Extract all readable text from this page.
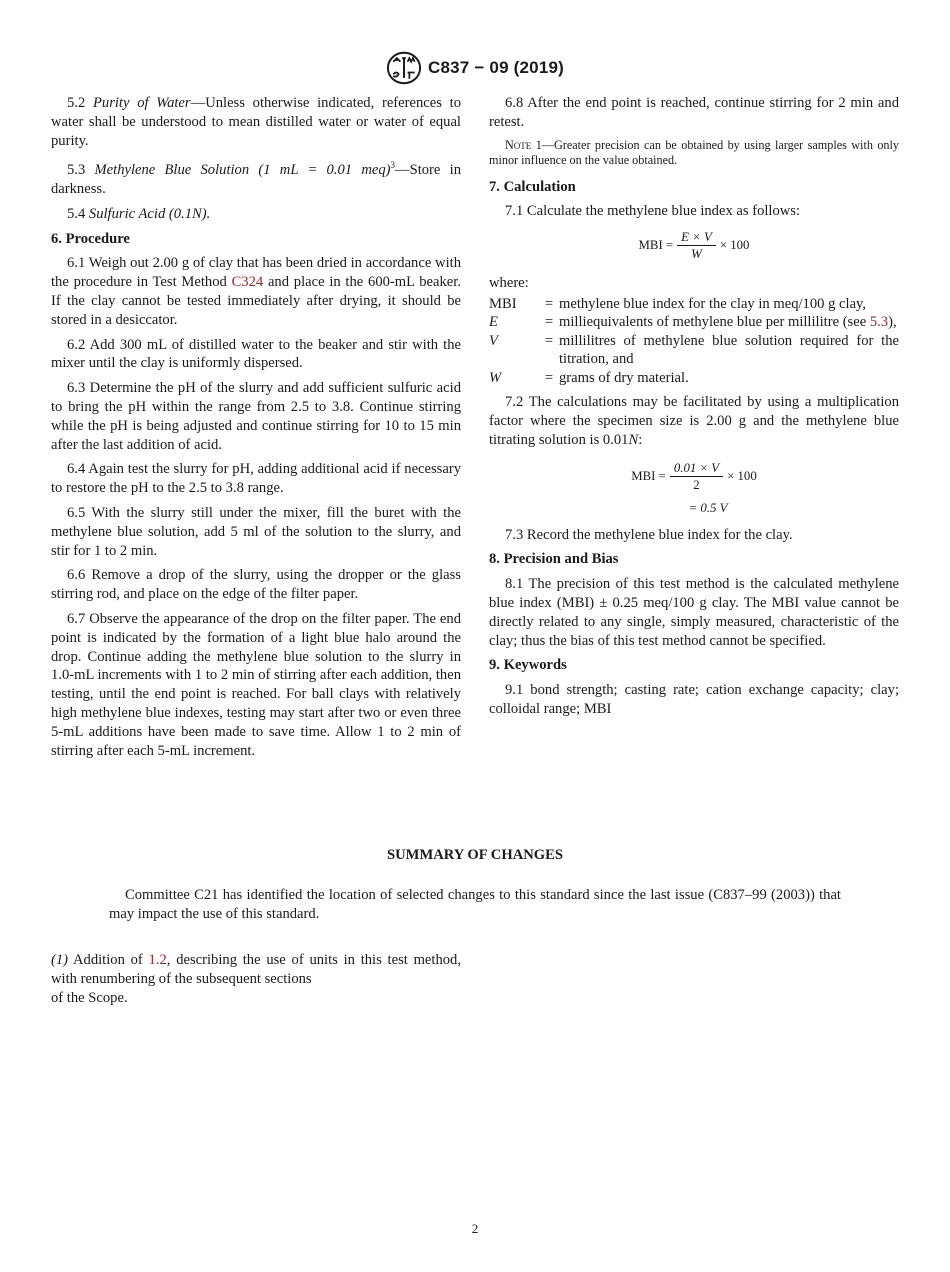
C837 − 09 (2019)

5.2 Purity of Water—Unless otherwise indicated, references to water shall be understood to mean distilled water or water of equal purity.

5.3 Methylene Blue Solution (1 mL = 0.01 meq)$^3$—Store in darkness.

5.4 Sulfuric Acid (0.1N).

6. Procedure

6.1 Weigh out 2.00 g of clay that has been dried in accordance with the procedure in Test Method C324 and place in the 600-mL beaker. If the clay cannot be tested immediately after drying, it should be stored in a desiccator.

6.2 Add 300 mL of distilled water to the beaker and stir with the mixer until the clay is uniformly dispersed.

6.3 Determine the pH of the slurry and add sufficient sulfuric acid to bring the pH within the range from 2.5 to 3.8. Continue stirring while the pH is being adjusted and continue stirring for 10 to 15 min after the last addition of acid.

6.4 Again test the slurry for pH, adding additional acid if necessary to restore the pH to the 2.5 to 3.8 range.

6.5 With the slurry still under the mixer, fill the buret with the methylene blue solution, add 5 ml of the solution to the slurry, and stir for 1 to 2 min.

6.6 Remove a drop of the slurry, using the dropper or the glass stirring rod, and place on the edge of the filter paper.

6.7 Observe the appearance of the drop on the filter paper. The end point is indicated by the formation of a light blue halo around the drop. Continue adding the methylene blue solution to the slurry in 1.0-mL increments with 1 to 2 min of stirring after each addition, then testing, until the end point is reached. For ball clays with relatively high methylene blue indexes, testing may start after two or even three 5-mL additions have been made to save time. Allow 1 to 2 min of stirring after each 5-mL increment.

6.8 After the end point is reached, continue stirring for 2 min and retest.

Note 1—Greater precision can be obtained by using larger samples with only minor influence on the value obtained.
7. Calculation

7.1 Calculate the methylene blue index as follows:

MBI = $\frac{E \times V}{W} \times 100$
where:
MBI	= methylene blue index for the clay in meq/100 g clay,
E	= milliequivalents of methylene blue per millilitre (see 5.3),
V	= millilitres of methylene blue solution required for the titration, and
W	= grams of dry material.

7.2 The calculations may be facilitated by using a multiplication factor where the specimen size is 2.00 g and the methylene blue titrating solution is 0.01N:

MBI = $\frac{0.01 \times V}{2} \times 100$
= 0.5 V

7.3 Record the methylene blue index for the clay.

8. Precision and Bias

8.1 The precision of this test method is the calculated methylene blue index (MBI) ± 0.25 meq/100 g clay. The MBI value cannot be directly related to any single, simply measured, characteristic of the clay; thus the bias of this test method cannot be specified.

9. Keywords

9.1 bond strength; casting rate; cation exchange capacity; clay; colloidal range; MBI

SUMMARY OF CHANGES

Committee C21 has identified the location of selected changes to this standard since the last issue (C837–99 (2003)) that may impact the use of this standard.

(1) Addition of 1.2, describing the use of units in this test method, with renumbering of the subsequent sections

of the Scope.
2
